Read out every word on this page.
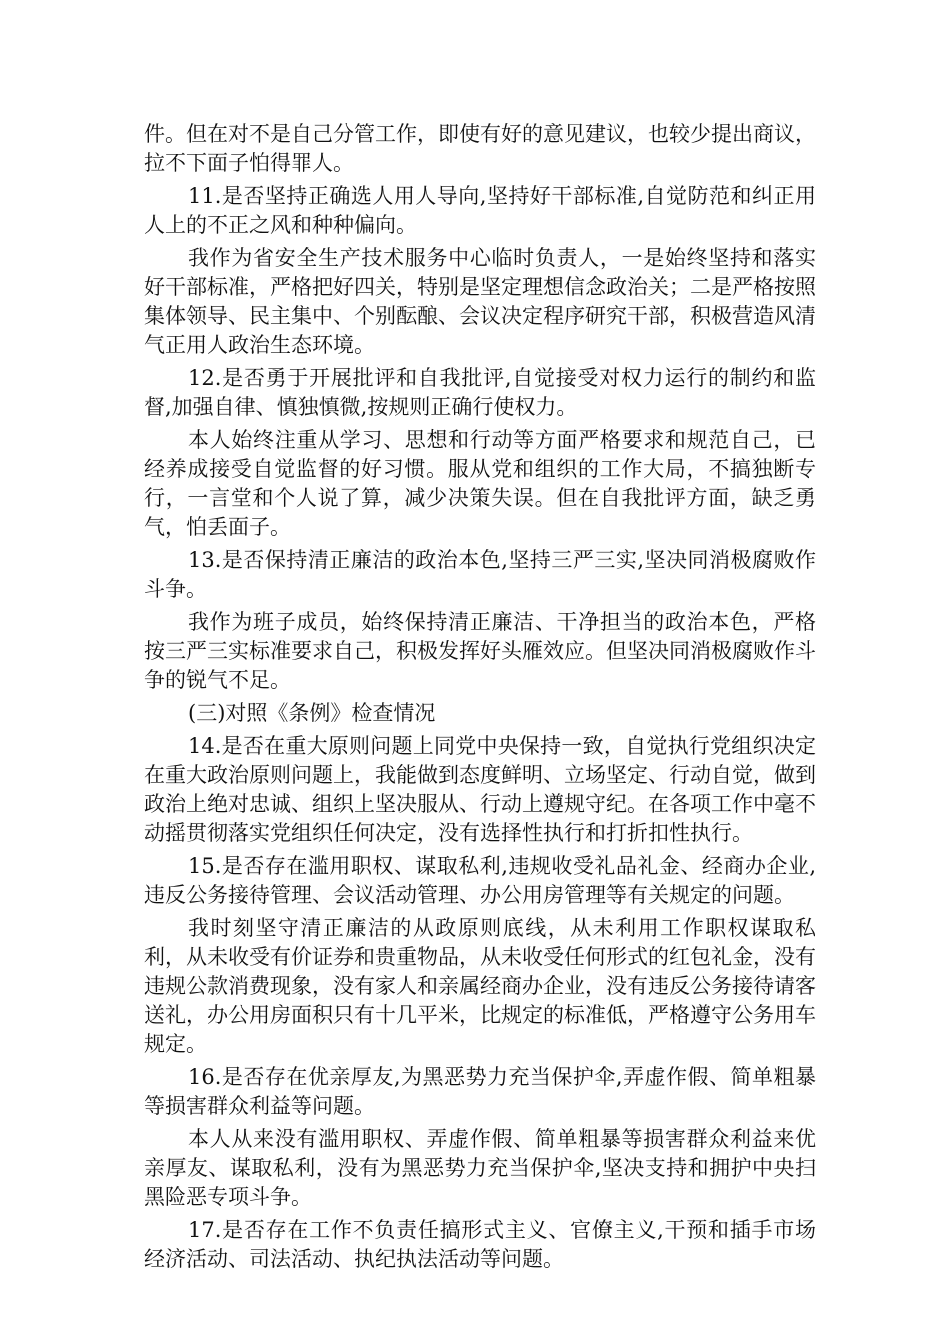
件。但在对不是自己分管工作，即使有好的意见建议，也较少提出商议，拉不下面子怕得罪人。

11.是否坚持正确选人用人导向,坚持好干部标准,自觉防范和纠正用人上的不正之风和种种偏向。

我作为省安全生产技术服务中心临时负责人，一是始终坚持和落实好干部标准，严格把好四关，特别是坚定理想信念政治关；二是严格按照集体领导、民主集中、个别酝酿、会议决定程序研究干部，积极营造风清气正用人政治生态环境。

12.是否勇于开展批评和自我批评,自觉接受对权力运行的制约和监督,加强自律、慎独慎微,按规则正确行使权力。

本人始终注重从学习、思想和行动等方面严格要求和规范自己，已经养成接受自觉监督的好习惯。服从党和组织的工作大局，不搞独断专行，一言堂和个人说了算，减少决策失误。但在自我批评方面，缺乏勇气，怕丢面子。

13.是否保持清正廉洁的政治本色,坚持三严三实,坚决同消极腐败作斗争。

我作为班子成员，始终保持清正廉洁、干净担当的政治本色，严格按三严三实标准要求自己，积极发挥好头雁效应。但坚决同消极腐败作斗争的锐气不足。

(三)对照《条例》检查情况

14.是否在重大原则问题上同党中央保持一致，自觉执行党组织决定在重大政治原则问题上，我能做到态度鲜明、立场坚定、行动自觉，做到政治上绝对忠诚、组织上坚决服从、行动上遵规守纪。在各项工作中毫不动摇贯彻落实党组织任何决定，没有选择性执行和打折扣性执行。

15.是否存在滥用职权、谋取私利,违规收受礼品礼金、经商办企业,违反公务接待管理、会议活动管理、办公用房管理等有关规定的问题。

我时刻坚守清正廉洁的从政原则底线，从未利用工作职权谋取私利，从未收受有价证券和贵重物品，从未收受任何形式的红包礼金，没有违规公款消费现象，没有家人和亲属经商办企业，没有违反公务接待请客送礼，办公用房面积只有十几平米，比规定的标准低，严格遵守公务用车规定。

16.是否存在优亲厚友,为黑恶势力充当保护伞,弄虚作假、简单粗暴等损害群众利益等问题。

本人从来没有滥用职权、弄虚作假、简单粗暴等损害群众利益来优亲厚友、谋取私利，没有为黑恶势力充当保护伞,坚决支持和拥护中央扫黑险恶专项斗争。

17.是否存在工作不负责任搞形式主义、官僚主义,干预和插手市场经济活动、司法活动、执纪执法活动等问题。
